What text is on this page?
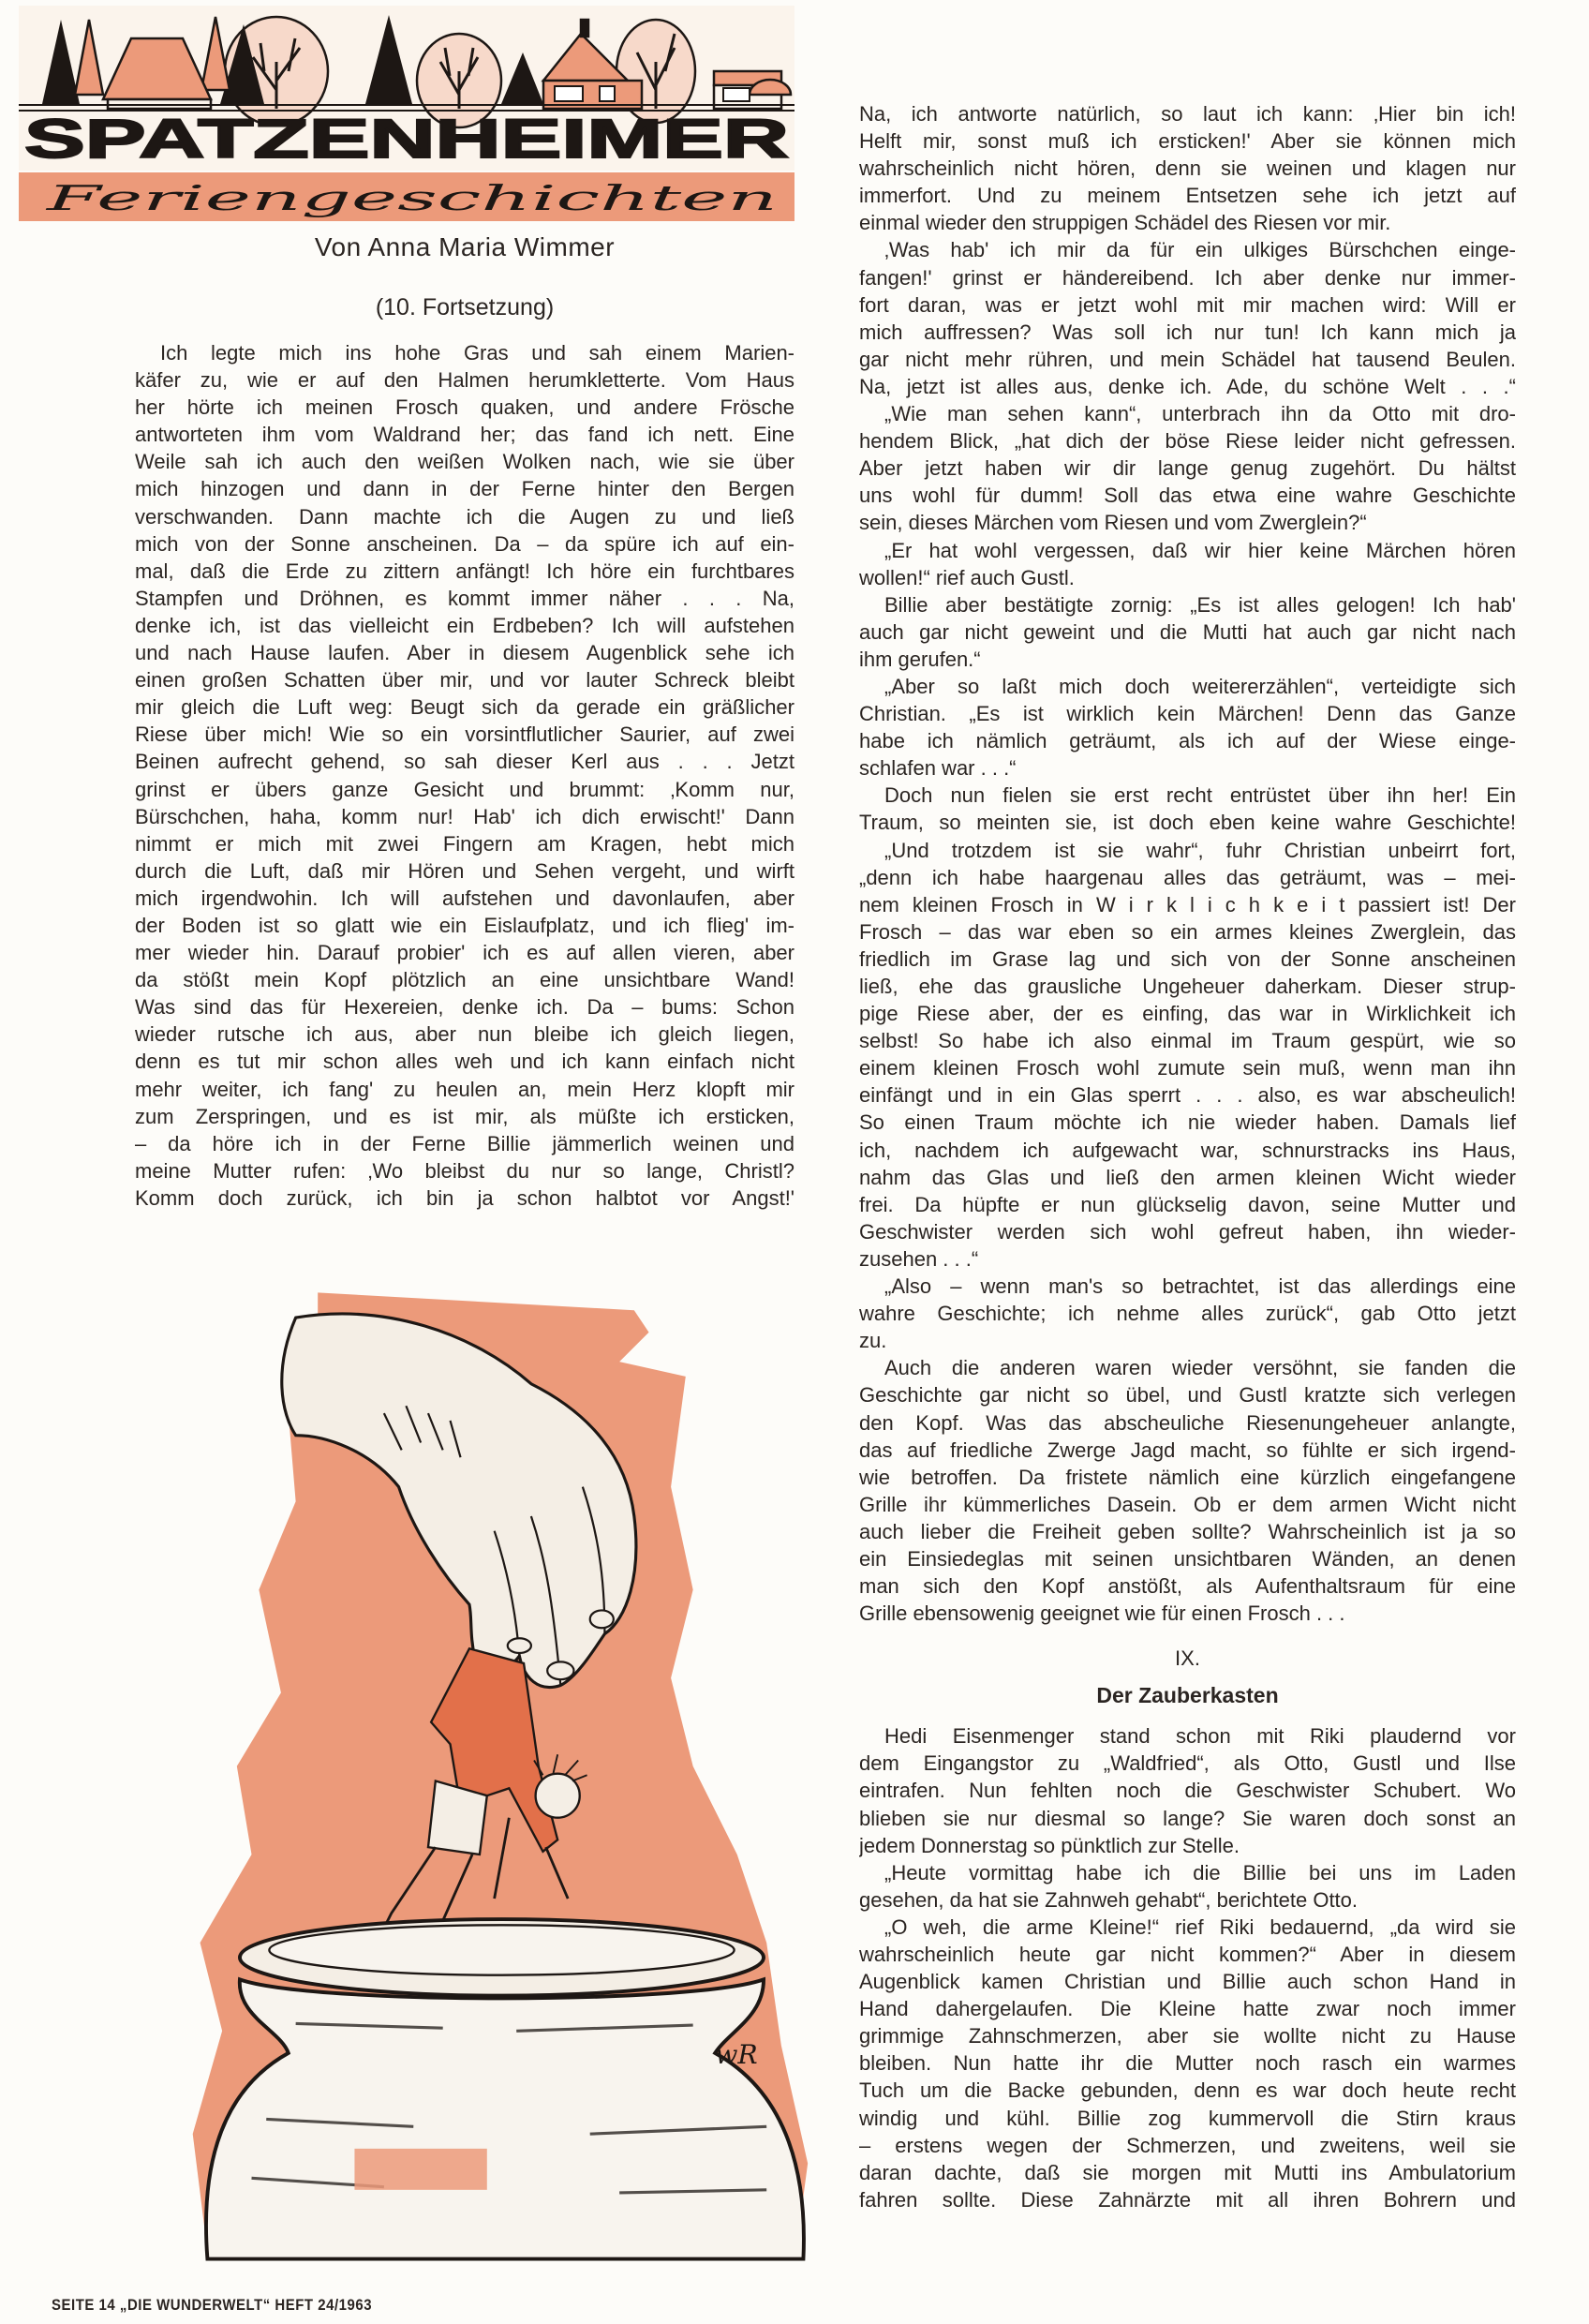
SPATZENHEIMER
Feriengeschichten
Von Anna Maria Wimmer
(10. Fortsetzung)
Ich legte mich ins hohe Gras und sah einem Marien-
käfer zu, wie er auf den Halmen herumkletterte. Vom Haus
her hörte ich meinen Frosch quaken, und andere Frösche
antworteten ihm vom Waldrand her; das fand ich nett. Eine
Weile sah ich auch den weißen Wolken nach, wie sie über
mich hinzogen und dann in der Ferne hinter den Bergen
verschwanden. Dann machte ich die Augen zu und ließ
mich von der Sonne anscheinen. Da – da spüre ich auf ein-
mal, daß die Erde zu zittern anfängt! Ich höre ein furchtbares
Stampfen und Dröhnen, es kommt immer näher . . . Na,
denke ich, ist das vielleicht ein Erdbeben? Ich will aufstehen
und nach Hause laufen. Aber in diesem Augenblick sehe ich
einen großen Schatten über mir, und vor lauter Schreck bleibt
mir gleich die Luft weg: Beugt sich da gerade ein gräßlicher
Riese über mich! Wie so ein vorsintflutlicher Saurier, auf zwei
Beinen aufrecht gehend, so sah dieser Kerl aus . . . Jetzt
grinst er übers ganze Gesicht und brummt: ‚Komm nur,
Bürschchen, haha, komm nur! Hab' ich dich erwischt!' Dann
nimmt er mich mit zwei Fingern am Kragen, hebt mich
durch die Luft, daß mir Hören und Sehen vergeht, und wirft
mich irgendwohin. Ich will aufstehen und davonlaufen, aber
der Boden ist so glatt wie ein Eislaufplatz, und ich flieg' im-
mer wieder hin. Darauf probier' ich es auf allen vieren, aber
da stößt mein Kopf plötzlich an eine unsichtbare Wand!
Was sind das für Hexereien, denke ich. Da – bums: Schon
wieder rutsche ich aus, aber nun bleibe ich gleich liegen,
denn es tut mir schon alles weh und ich kann einfach nicht
mehr weiter, ich fang' zu heulen an, mein Herz klopft mir
zum Zerspringen, und es ist mir, als müßte ich ersticken,
– da höre ich in der Ferne Billie jämmerlich weinen und
meine Mutter rufen: ‚Wo bleibst du nur so lange, Christl?
Komm doch zurück, ich bin ja schon halbtot vor Angst!'
Na, ich antworte natürlich, so laut ich kann: ‚Hier bin ich!
Helft mir, sonst muß ich ersticken!' Aber sie können mich
wahrscheinlich nicht hören, denn sie weinen und klagen nur
immerfort. Und zu meinem Entsetzen sehe ich jetzt auf
einmal wieder den struppigen Schädel des Riesen vor mir.
‚Was hab' ich mir da für ein ulkiges Bürschchen einge-
fangen!' grinst er händereibend. Ich aber denke nur immer-
fort daran, was er jetzt wohl mit mir machen wird: Will er
mich auffressen? Was soll ich nur tun! Ich kann mich ja
gar nicht mehr rühren, und mein Schädel hat tausend Beulen.
Na, jetzt ist alles aus, denke ich. Ade, du schöne Welt . . .“
„Wie man sehen kann“, unterbrach ihn da Otto mit dro-
hendem Blick, „hat dich der böse Riese leider nicht gefressen.
Aber jetzt haben wir dir lange genug zugehört. Du hältst
uns wohl für dumm! Soll das etwa eine wahre Geschichte
sein, dieses Märchen vom Riesen und vom Zwerglein?“
„Er hat wohl vergessen, daß wir hier keine Märchen hören
wollen!“ rief auch Gustl.
Billie aber bestätigte zornig: „Es ist alles gelogen! Ich hab'
auch gar nicht geweint und die Mutti hat auch gar nicht nach
ihm gerufen.“
„Aber so laßt mich doch weitererzählen“, verteidigte sich
Christian. „Es ist wirklich kein Märchen! Denn das Ganze
habe ich nämlich geträumt, als ich auf der Wiese einge-
schlafen war . . .“
Doch nun fielen sie erst recht entrüstet über ihn her! Ein
Traum, so meinten sie, ist doch eben keine wahre Geschichte!
„Und trotzdem ist sie wahr“, fuhr Christian unbeirrt fort,
„denn ich habe haargenau alles das geträumt, was – mei-
nem kleinen Frosch in W i r k l i c h k e i t passiert ist! Der
Frosch – das war eben so ein armes kleines Zwerglein, das
friedlich im Grase lag und sich von der Sonne anscheinen
ließ, ehe das grausliche Ungeheuer daherkam. Dieser strup-
pige Riese aber, der es einfing, das war in Wirklichkeit ich
selbst! So habe ich also einmal im Traum gespürt, wie so
einem kleinen Frosch wohl zumute sein muß, wenn man ihn
einfängt und in ein Glas sperrt . . . also, es war abscheulich!
So einen Traum möchte ich nie wieder haben. Damals lief
ich, nachdem ich aufgewacht war, schnurstracks ins Haus,
nahm das Glas und ließ den armen kleinen Wicht wieder
frei. Da hüpfte er nun glückselig davon, seine Mutter und
Geschwister werden sich wohl gefreut haben, ihn wieder-
zusehen . . .“
„Also – wenn man's so betrachtet, ist das allerdings eine
wahre Geschichte; ich nehme alles zurück“, gab Otto jetzt
zu.
Auch die anderen waren wieder versöhnt, sie fanden die
Geschichte gar nicht so übel, und Gustl kratzte sich verlegen
den Kopf. Was das abscheuliche Riesenungeheuer anlangte,
das auf friedliche Zwerge Jagd macht, so fühlte er sich irgend-
wie betroffen. Da fristete nämlich eine kürzlich eingefangene
Grille ihr kümmerliches Dasein. Ob er dem armen Wicht nicht
auch lieber die Freiheit geben sollte? Wahrscheinlich ist ja so
ein Einsiedeglas mit seinen unsichtbaren Wänden, an denen
man sich den Kopf anstößt, als Aufenthaltsraum für eine
Grille ebensowenig geeignet wie für einen Frosch . . .
IX.
Der Zauberkasten
Hedi Eisenmenger stand schon mit Riki plaudernd vor
dem Eingangstor zu „Waldfried“, als Otto, Gustl und Ilse
eintrafen. Nun fehlten noch die Geschwister Schubert. Wo
blieben sie nur diesmal so lange? Sie waren doch sonst an
jedem Donnerstag so pünktlich zur Stelle.
„Heute vormittag habe ich die Billie bei uns im Laden
gesehen, da hat sie Zahnweh gehabt“, berichtete Otto.
„O weh, die arme Kleine!“ rief Riki bedauernd, „da wird sie
wahrscheinlich heute gar nicht kommen?“ Aber in diesem
Augenblick kamen Christian und Billie auch schon Hand in
Hand dahergelaufen. Die Kleine hatte zwar noch immer
grimmige Zahnschmerzen, aber sie wollte nicht zu Hause
bleiben. Nun hatte ihr die Mutter noch rasch ein warmes
Tuch um die Backe gebunden, denn es war doch heute recht
windig und kühl. Billie zog kummervoll die Stirn kraus
– erstens wegen der Schmerzen, und zweitens, weil sie
daran dachte, daß sie morgen mit Mutti ins Ambulatorium
fahren sollte. Diese Zahnärzte mit all ihren Bohrern und
wR
SEITE 14 „DIE WUNDERWELT“ HEFT 24/1963
